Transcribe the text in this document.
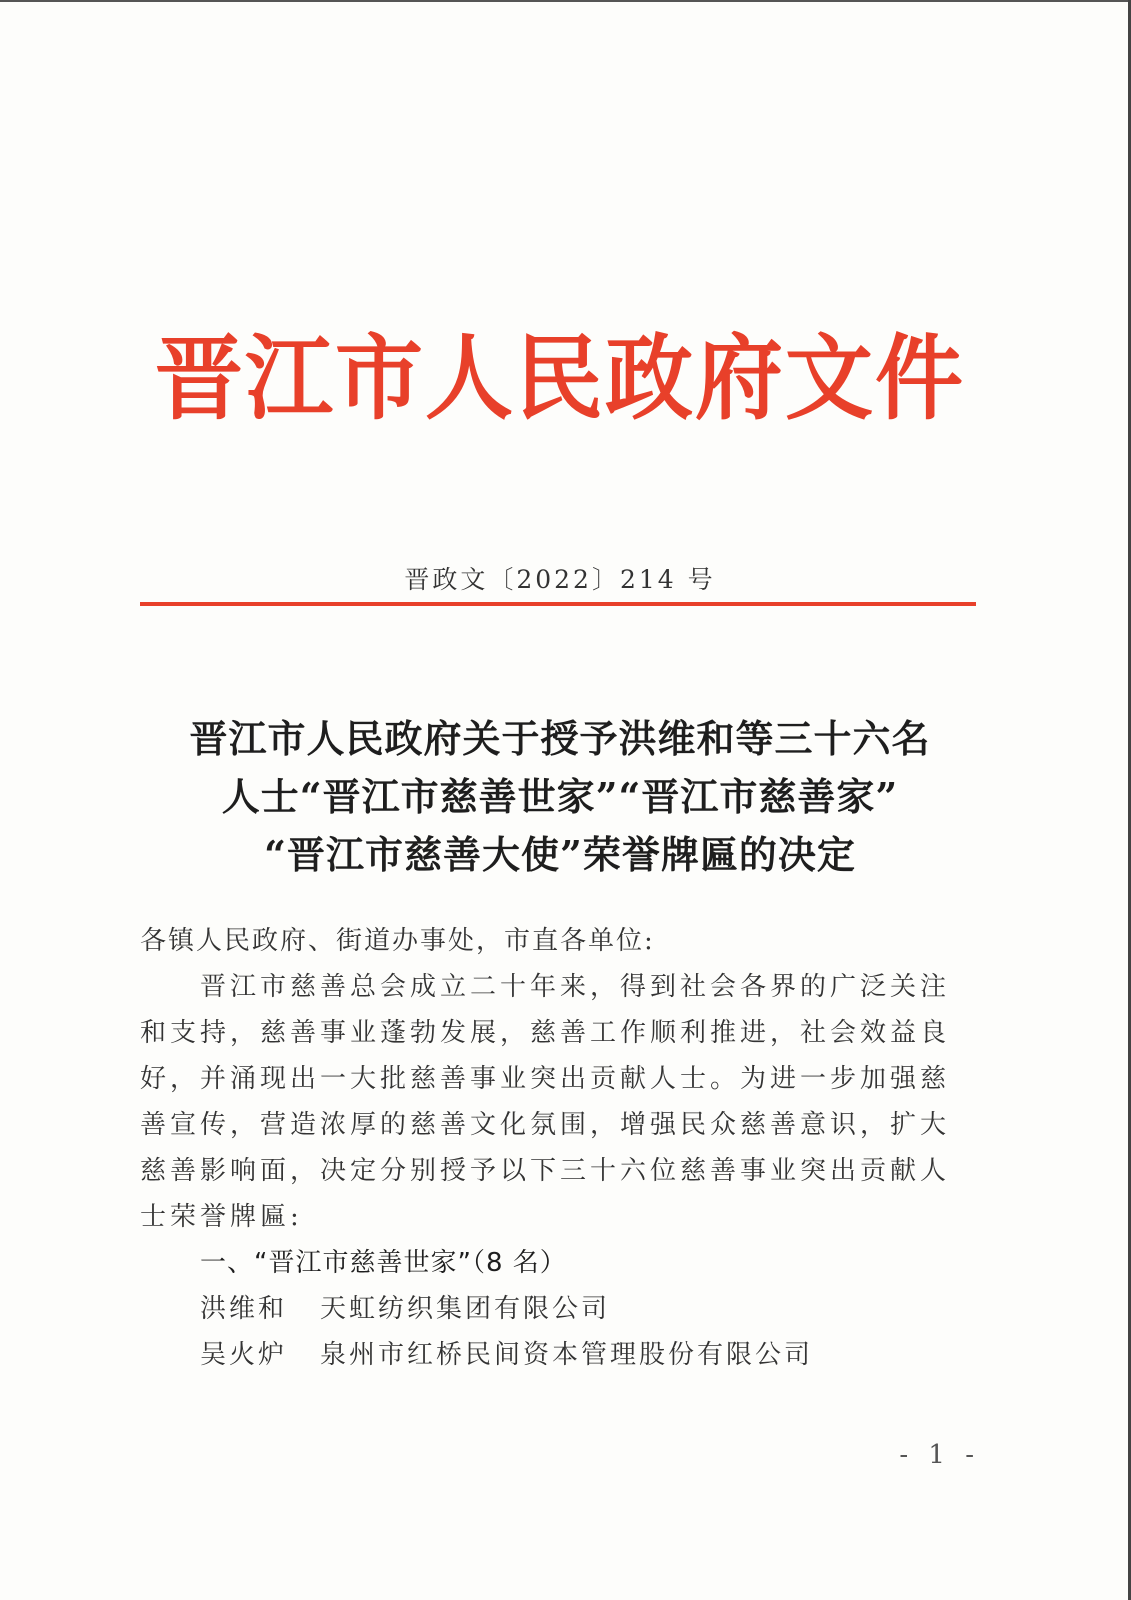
晋江市人民政府文件
晋政文〔2022〕214 号
晋江市人民政府关于授予洪维和等三十六名
人士“晋江市慈善世家”“晋江市慈善家”
“晋江市慈善大使”荣誉牌匾的决定

各镇人民政府、街道办事处，市直各单位:

　　晋江市慈善总会成立二十年来，得到社会各界的广泛关注
和支持，慈善事业蓬勃发展，慈善工作顺利推进，社会效益良
好，并涌现出一大批慈善事业突出贡献人士。为进一步加强慈
善宣传，营造浓厚的慈善文化氛围，增强民众慈善意识，扩大
慈善影响面，决定分别授予以下三十六位慈善事业突出贡献人
士荣誉牌匾:

一、“晋江市慈善世家”（8 名）

洪维和 天虹纺织集团有限公司

吴火炉 泉州市红桥民间资本管理股份有限公司

- 1 -
